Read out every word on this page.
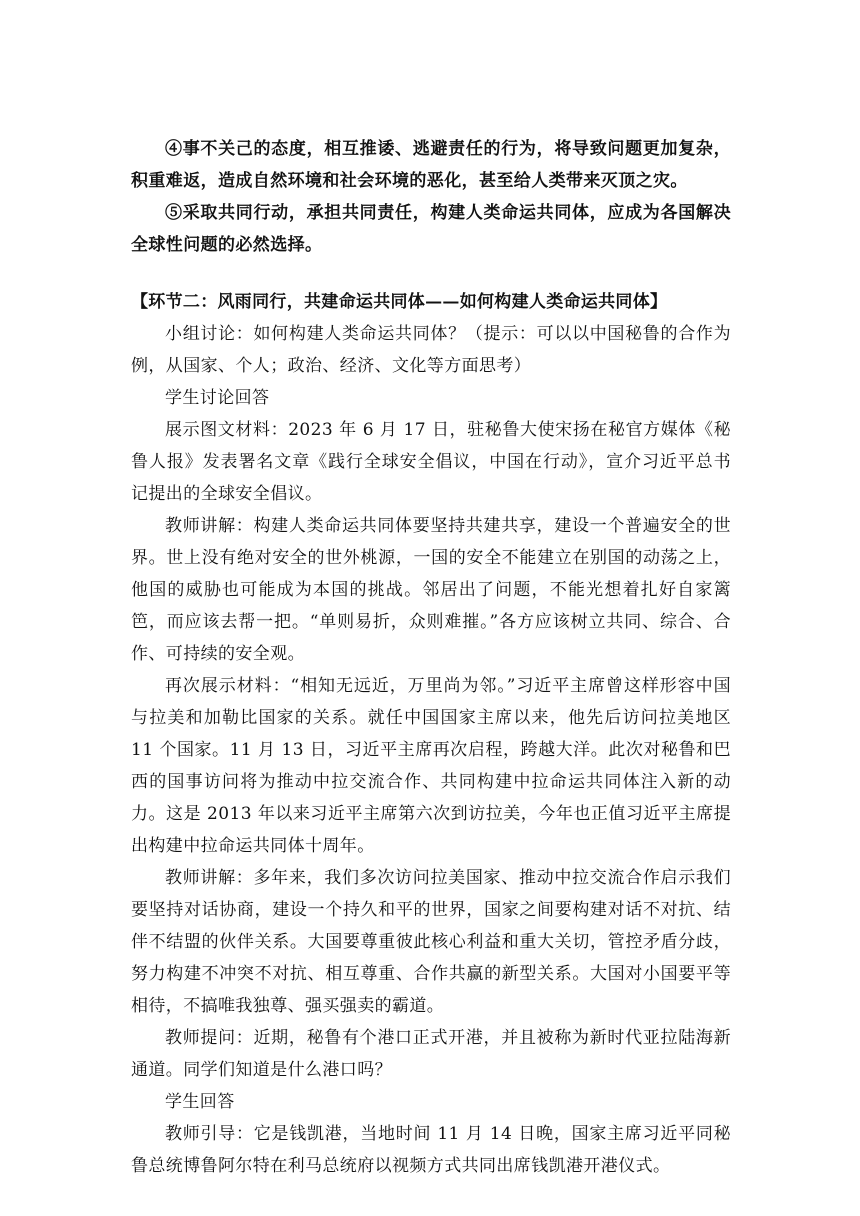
④事不关己的态度，相互推诿、逃避责任的行为，将导致问题更加复杂，积重难返，造成自然环境和社会环境的恶化，甚至给人类带来灭顶之灾。

⑤采取共同行动，承担共同责任，构建人类命运共同体，应成为各国解决全球性问题的必然选择。

【环节二：风雨同行，共建命运共同体——如何构建人类命运共同体】

小组讨论：如何构建人类命运共同体？（提示：可以以中国秘鲁的合作为例，从国家、个人；政治、经济、文化等方面思考）

学生讨论回答

展示图文材料：2023 年 6 月 17 日，驻秘鲁大使宋扬在秘官方媒体《秘鲁人报》发表署名文章《践行全球安全倡议，中国在行动》，宣介习近平总书记提出的全球安全倡议。

教师讲解：构建人类命运共同体要坚持共建共享，建设一个普遍安全的世界。世上没有绝对安全的世外桃源，一国的安全不能建立在别国的动荡之上，他国的威胁也可能成为本国的挑战。邻居出了问题，不能光想着扎好自家篱笆，而应该去帮一把。“单则易折，众则难摧。”各方应该树立共同、综合、合作、可持续的安全观。

再次展示材料：“相知无远近，万里尚为邻。”习近平主席曾这样形容中国与拉美和加勒比国家的关系。就任中国国家主席以来，他先后访问拉美地区 11 个国家。11 月 13 日，习近平主席再次启程，跨越大洋。此次对秘鲁和巴西的国事访问将为推动中拉交流合作、共同构建中拉命运共同体注入新的动力。这是 2013 年以来习近平主席第六次到访拉美，今年也正值习近平主席提出构建中拉命运共同体十周年。

教师讲解：多年来，我们多次访问拉美国家、推动中拉交流合作启示我们要坚持对话协商，建设一个持久和平的世界，国家之间要构建对话不对抗、结伴不结盟的伙伴关系。大国要尊重彼此核心利益和重大关切，管控矛盾分歧，努力构建不冲突不对抗、相互尊重、合作共赢的新型关系。大国对小国要平等相待，不搞唯我独尊、强买强卖的霸道。

教师提问：近期，秘鲁有个港口正式开港，并且被称为新时代亚拉陆海新通道。同学们知道是什么港口吗？

学生回答

教师引导：它是钱凯港，当地时间 11 月 14 日晚，国家主席习近平同秘鲁总统博鲁阿尔特在利马总统府以视频方式共同出席钱凯港开港仪式。
